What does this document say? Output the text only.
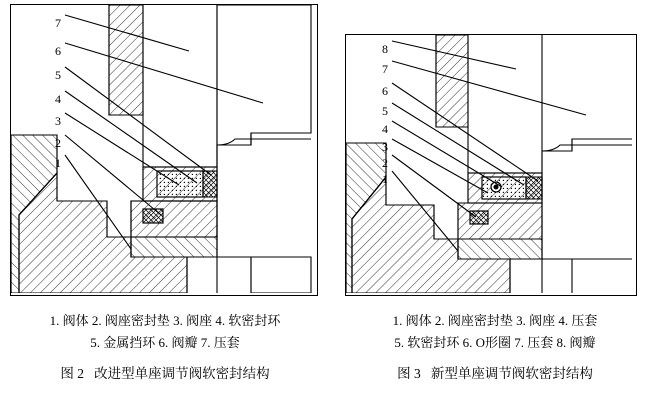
7
6
5
4
3
2
1
1. 阀体 2. 阀座密封垫 3. 阀座 4. 软密封环
5. 金属挡环 6. 阀瓣 7. 压套
图 2 改进型单座调节阀软密封结构
8
7
6
5
4
3
2
1
1. 阀体 2. 阀座密封垫 3. 阀座 4. 压套
5. 软密封环 6. O形圈 7. 压套 8. 阀瓣
图 3 新型单座调节阀软密封结构
